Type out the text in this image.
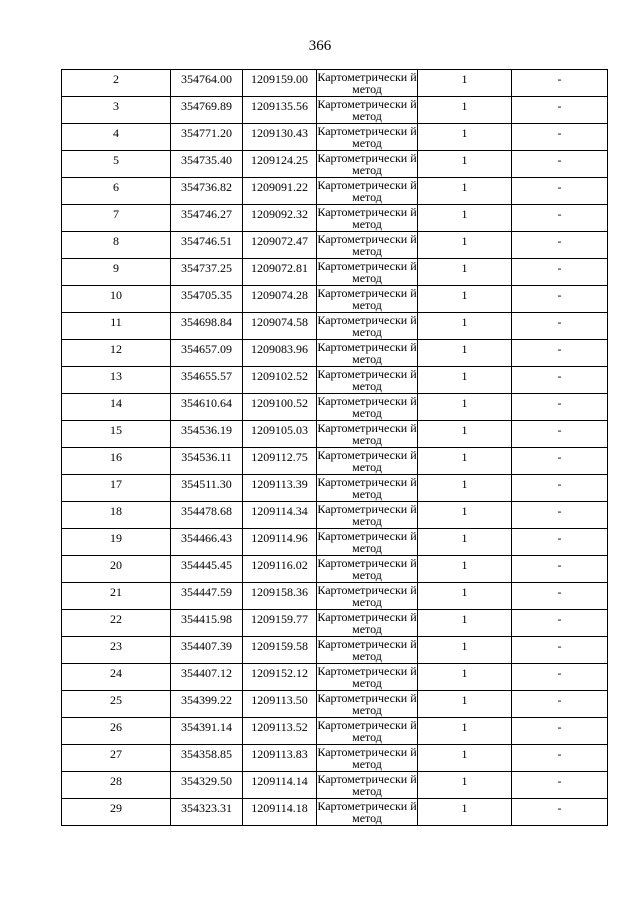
366
2	354764.00	1209159.00	Картометрически й метод	1	-
3	354769.89	1209135.56	Картометрически й метод	1	-
4	354771.20	1209130.43	Картометрически й метод	1	-
5	354735.40	1209124.25	Картометрически й метод	1	-
6	354736.82	1209091.22	Картометрически й метод	1	-
7	354746.27	1209092.32	Картометрически й метод	1	-
8	354746.51	1209072.47	Картометрически й метод	1	-
9	354737.25	1209072.81	Картометрически й метод	1	-
10	354705.35	1209074.28	Картометрически й метод	1	-
11	354698.84	1209074.58	Картометрически й метод	1	-
12	354657.09	1209083.96	Картометрически й метод	1	-
13	354655.57	1209102.52	Картометрически й метод	1	-
14	354610.64	1209100.52	Картометрически й метод	1	-
15	354536.19	1209105.03	Картометрически й метод	1	-
16	354536.11	1209112.75	Картометрически й метод	1	-
17	354511.30	1209113.39	Картометрически й метод	1	-
18	354478.68	1209114.34	Картометрически й метод	1	-
19	354466.43	1209114.96	Картометрически й метод	1	-
20	354445.45	1209116.02	Картометрически й метод	1	-
21	354447.59	1209158.36	Картометрически й метод	1	-
22	354415.98	1209159.77	Картометрически й метод	1	-
23	354407.39	1209159.58	Картометрически й метод	1	-
24	354407.12	1209152.12	Картометрически й метод	1	-
25	354399.22	1209113.50	Картометрически й метод	1	-
26	354391.14	1209113.52	Картометрически й метод	1	-
27	354358.85	1209113.83	Картометрически й метод	1	-
28	354329.50	1209114.14	Картометрически й метод	1	-
29	354323.31	1209114.18	Картометрически й метод	1	-
